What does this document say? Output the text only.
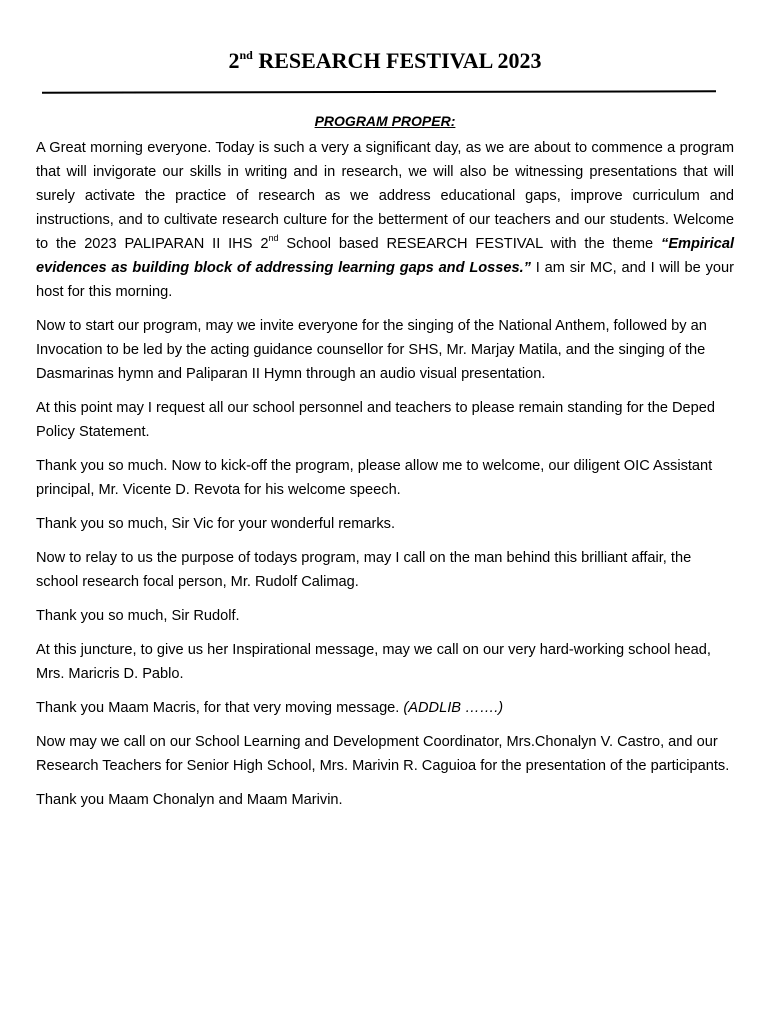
2nd RESEARCH FESTIVAL 2023
PROGRAM PROPER:

A Great morning everyone. Today is such a very a significant day, as we are about to commence a program that will invigorate our skills in writing and in research, we will also be witnessing presentations that will surely activate the practice of research as we address educational gaps, improve curriculum and instructions, and to cultivate research culture for the betterment of our teachers and our students. Welcome to the 2023 PALIPARAN II IHS 2nd School based RESEARCH FESTIVAL with the theme “Empirical evidences as building block of addressing learning gaps and Losses.” I am sir MC, and I will be your host for this morning.

Now to start our program, may we invite everyone for the singing of the National Anthem, followed by an Invocation to be led by the acting guidance counsellor for SHS, Mr. Marjay Matila, and the singing of the Dasmarinas hymn and Paliparan II Hymn through an audio visual presentation.

At this point may I request all our school personnel and teachers to please remain standing for the Deped Policy Statement.

Thank you so much. Now to kick-off the program, please allow me to welcome, our diligent OIC Assistant principal, Mr. Vicente D. Revota for his welcome speech.

Thank you so much, Sir Vic for your wonderful remarks.

Now to relay to us the purpose of todays program, may I call on the man behind this brilliant affair, the school research focal person, Mr. Rudolf Calimag.

Thank you so much, Sir Rudolf.

At this juncture, to give us her Inspirational message, may we call on our very hard-working school head, Mrs. Maricris D. Pablo.

Thank you Maam Macris, for that very moving message. (ADDLIB …….)

Now may we call on our School Learning and Development Coordinator, Mrs.Chonalyn V. Castro, and our Research Teachers for Senior High School, Mrs. Marivin R. Caguioa for the presentation of the participants.

Thank you Maam Chonalyn and Maam Marivin.
